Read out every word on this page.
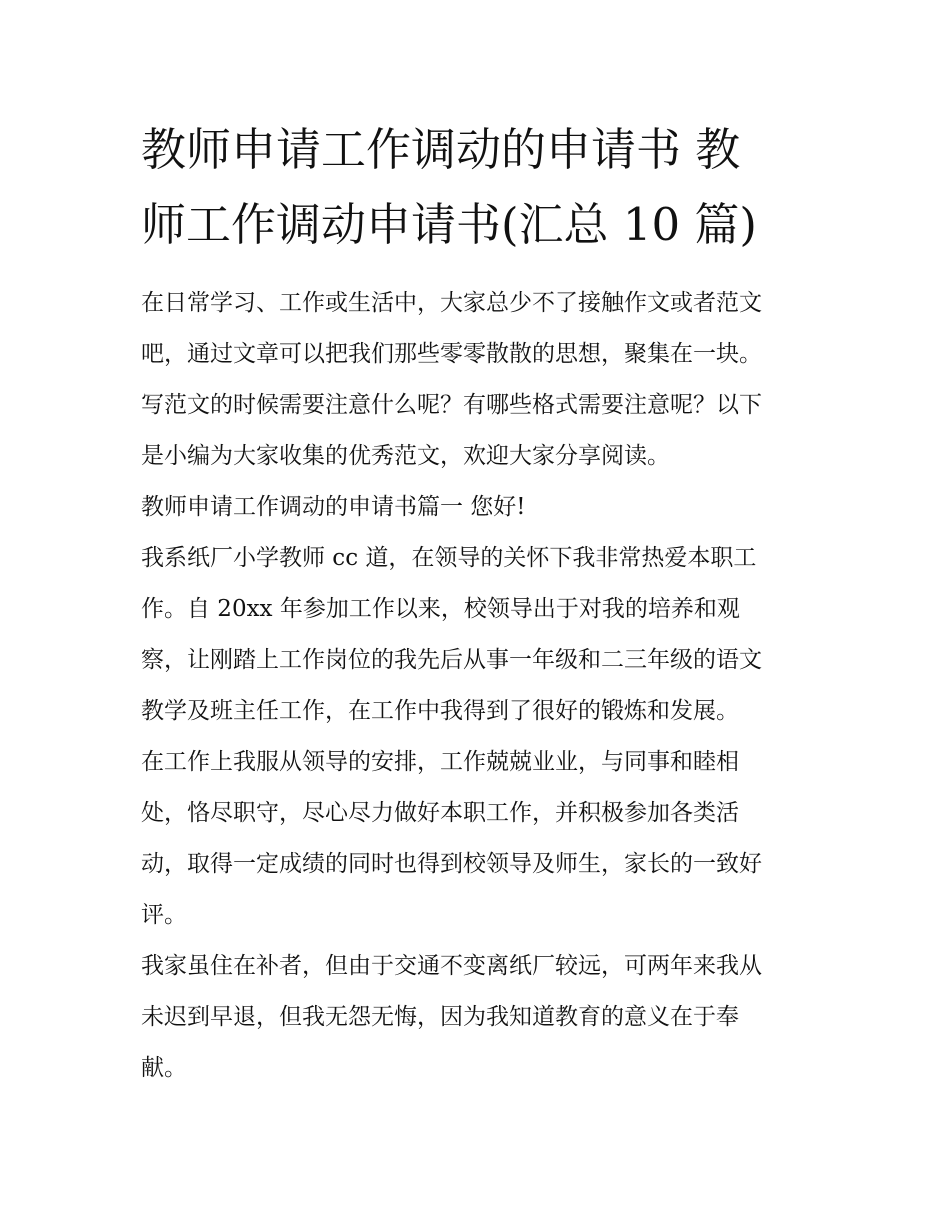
教师申请工作调动的申请书 教
师工作调动申请书(汇总 10 篇)

在日常学习、工作或生活中，大家总少不了接触作文或者范文
吧，通过文章可以把我们那些零零散散的思想，聚集在一块。
写范文的时候需要注意什么呢？有哪些格式需要注意呢？以下
是小编为大家收集的优秀范文，欢迎大家分享阅读。

教师申请工作调动的申请书篇一 您好!

我系纸厂小学教师 cc 道，在领导的关怀下我非常热爱本职工
作。自 20xx 年参加工作以来，校领导出于对我的培养和观
察，让刚踏上工作岗位的我先后从事一年级和二三年级的语文
教学及班主任工作，在工作中我得到了很好的锻炼和发展。

在工作上我服从领导的安排，工作兢兢业业，与同事和睦相
处，恪尽职守，尽心尽力做好本职工作，并积极参加各类活
动，取得一定成绩的同时也得到校领导及师生，家长的一致好
评。

我家虽住在补者，但由于交通不变离纸厂较远，可两年来我从
未迟到早退，但我无怨无悔，因为我知道教育的意义在于奉
献。
